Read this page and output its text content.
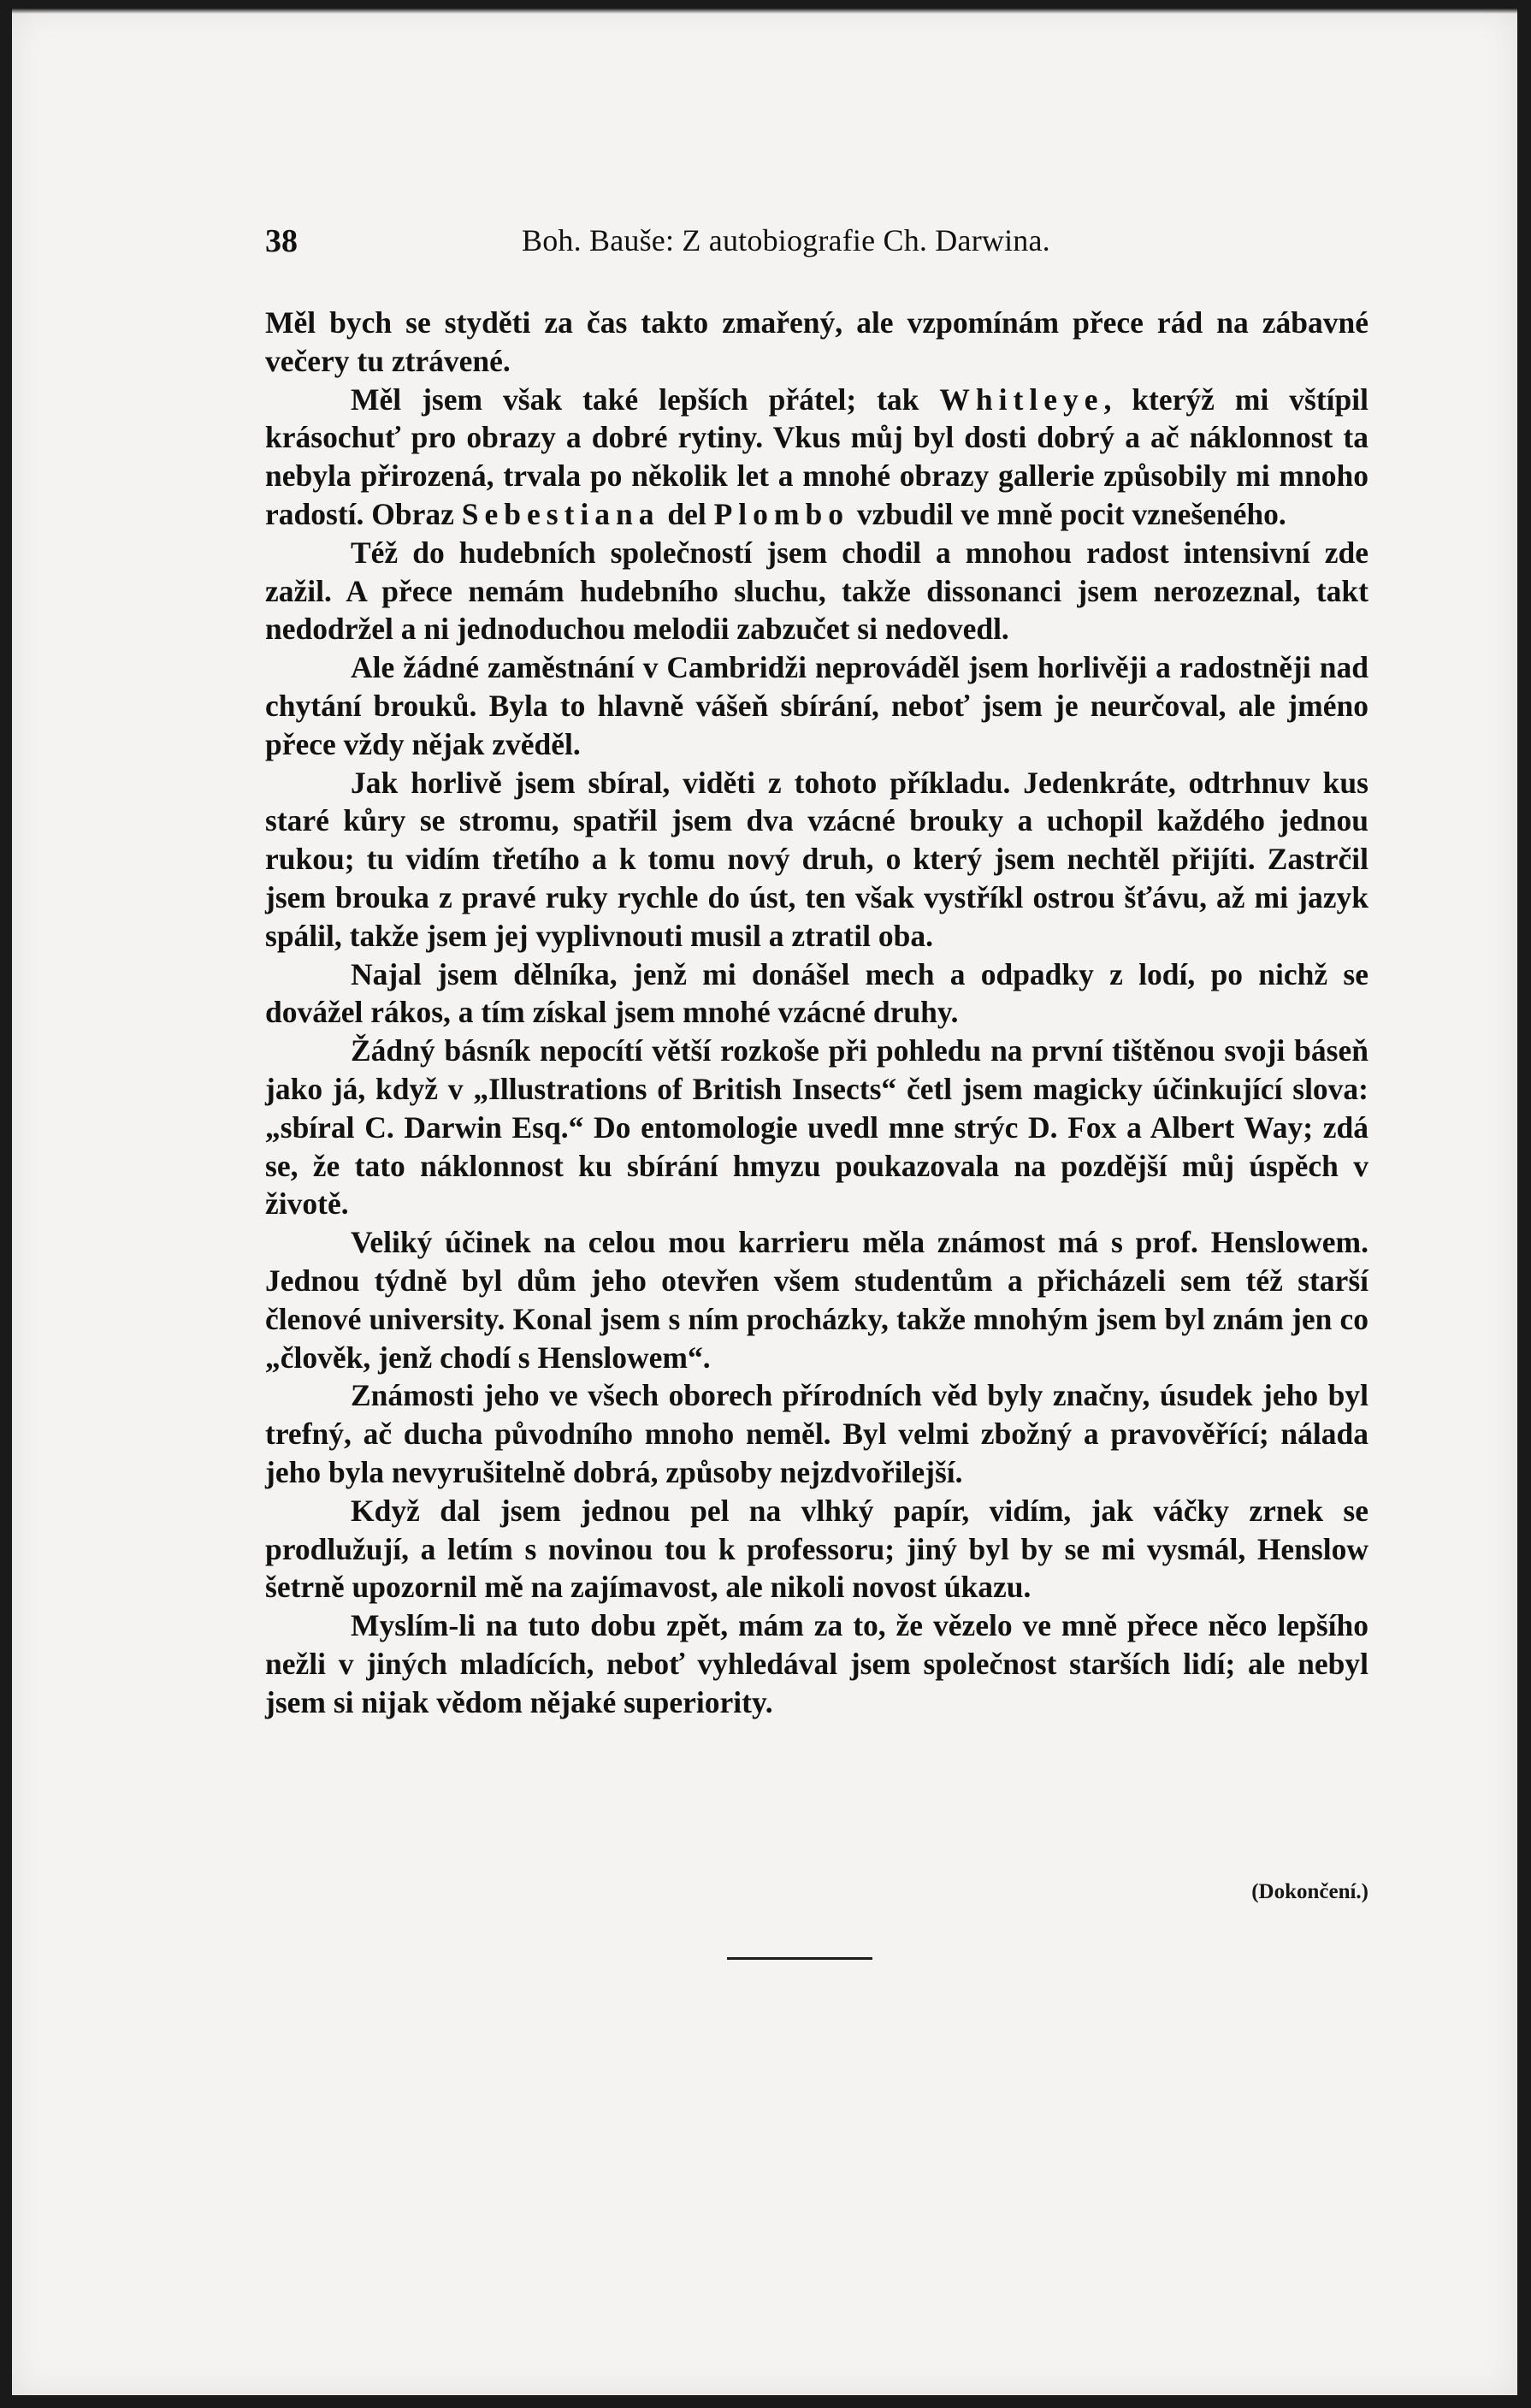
38	Boh. Bauše: Z autobiografie Ch. Darwina.

Měl bych se styděti za čas takto zmařený, ale vzpomínám přece rád na zábavné večery tu ztrávené.

Měl jsem však také lepších přátel; tak Whitleye, kterýž mi vštípil krásochuť pro obrazy a dobré rytiny. Vkus můj byl dosti dobrý a ač náklonnost ta nebyla přirozená, trvala po několik let a mnohé obrazy gallerie způsobily mi mnoho radostí. Obraz Sebestiana del Plombo vzbudil ve mně pocit vznešeného.

Též do hudebních společností jsem chodil a mnohou radost intensivní zde zažil. A přece nemám hudebního sluchu, takže dissonanci jsem nerozeznal, takt nedodržel a ni jednoduchou melodii zabzučet si nedovedl.

Ale žádné zaměstnání v Cambridži neprováděl jsem horlivěji a radostněji nad chytání brouků. Byla to hlavně vášeň sbírání, neboť jsem je neurčoval, ale jméno přece vždy nějak zvěděl.

Jak horlivě jsem sbíral, viděti z tohoto příkladu. Jedenkráte, odtrhnuv kus staré kůry se stromu, spatřil jsem dva vzácné brouky a uchopil každého jednou rukou; tu vidím třetího a k tomu nový druh, o který jsem nechtěl přijíti. Zastrčil jsem brouka z pravé ruky rychle do úst, ten však vystříkl ostrou šťávu, až mi jazyk spálil, takže jsem jej vyplivnouti musil a ztratil oba.

Najal jsem dělníka, jenž mi donášel mech a odpadky z lodí, po nichž se dovážel rákos, a tím získal jsem mnohé vzácné druhy.

Žádný básník nepocítí větší rozkoše při pohledu na první tištěnou svoji báseň jako já, když v „Illustrations of British Insects“ četl jsem magicky účinkující slova: „sbíral C. Darwin Esq.“ Do entomologie uvedl mne strýc D. Fox a Albert Way; zdá se, že tato náklonnost ku sbírání hmyzu poukazovala na pozdější můj úspěch v životě.

Veliký účinek na celou mou karrieru měla známost má s prof. Henslowem. Jednou týdně byl dům jeho otevřen všem studentům a přicházeli sem též starší členové university. Konal jsem s ním procházky, takže mnohým jsem byl znám jen co „člověk, jenž chodí s Henslowem“.

Známosti jeho ve všech oborech přírodních věd byly značny, úsudek jeho byl trefný, ač ducha původního mnoho neměl. Byl velmi zbožný a pravověřící; nálada jeho byla nevyrušitelně dobrá, způsoby nejzdvořilejší.

Když dal jsem jednou pel na vlhký papír, vidím, jak váčky zrnek se prodlužují, a letím s novinou tou k professoru; jiný byl by se mi vysmál, Henslow šetrně upozornil mě na zajímavost, ale nikoli novost úkazu.

Myslím-li na tuto dobu zpět, mám za to, že vězelo ve mně přece něco lepšího nežli v jiných mladících, neboť vyhledával jsem společnost starších lidí; ale nebyl jsem si nijak vědom nějaké superiority.

(Dokončení.)
